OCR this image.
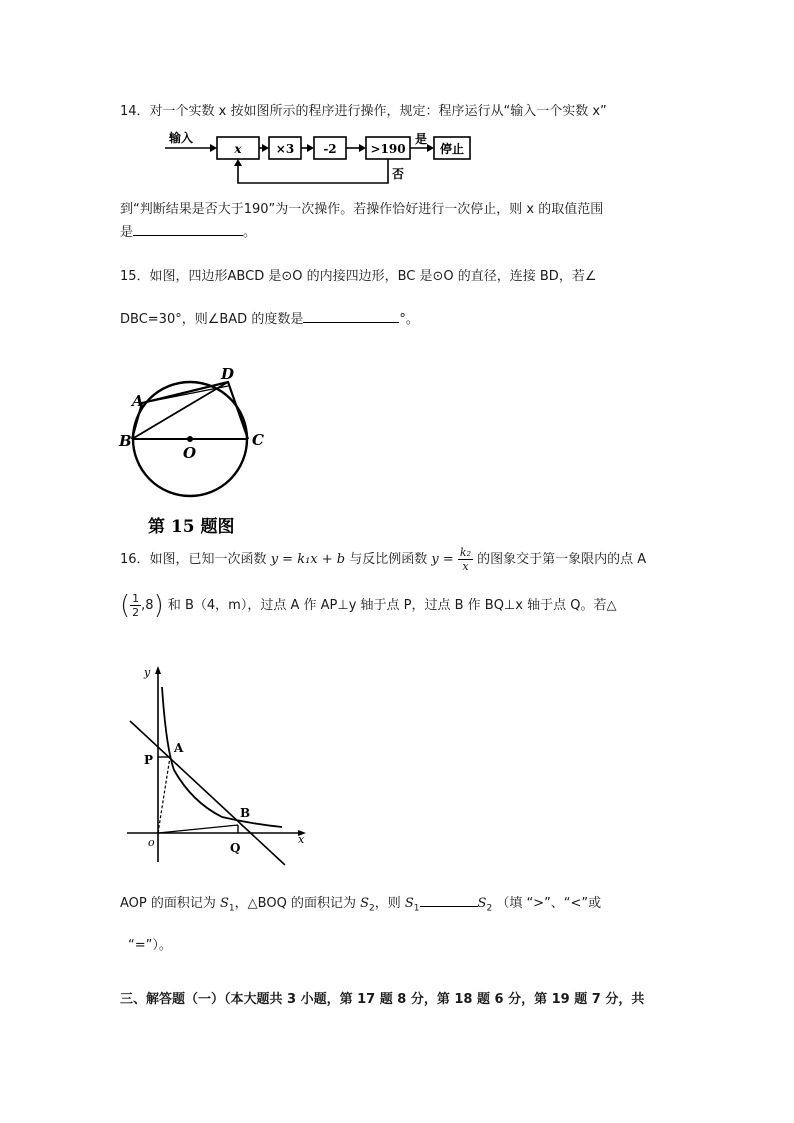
14．对一个实数 x 按如图所示的程序进行操作，规定：程序运行从“输入一个实数 x”
输入
x	×3 -2	>190
是
停止
否
到“判断结果是否大于190”为一次操作。若操作恰好进行一次停止，则 x 的取值范围
是	。
15．如图，四边形ABCD 是⊙O 的内接四边形，BC 是⊙O 的直径，连接 BD，若∠
DBC=30°，则∠BAD 的度数是	°。
A
B	C
D
O
第 15 题图
16．如图，已知一次函数 y = k₁x + b 与反比例函数 $y = \frac{\text{k₂}}{x}$ 的图象交于第一象限内的点 A
( $\frac{1}{2} ,8$) 和 B（4，m），过点 A 作 AP⊥y 轴于点 P，过点 B 作 BQ⊥x 轴于点 Q。若△
y
x
o
A
B
P
Q
AOP 的面积记为 $S_1$，△BOQ 的面积记为 $S_2$，则 $S_1$	$S_2$ （填 “>”、“<”或
“=”）。
三、解答题（一）（本大题共 3 小题，第 17 题 8 分，第 18 题 6 分，第 19 题 7 分，共
